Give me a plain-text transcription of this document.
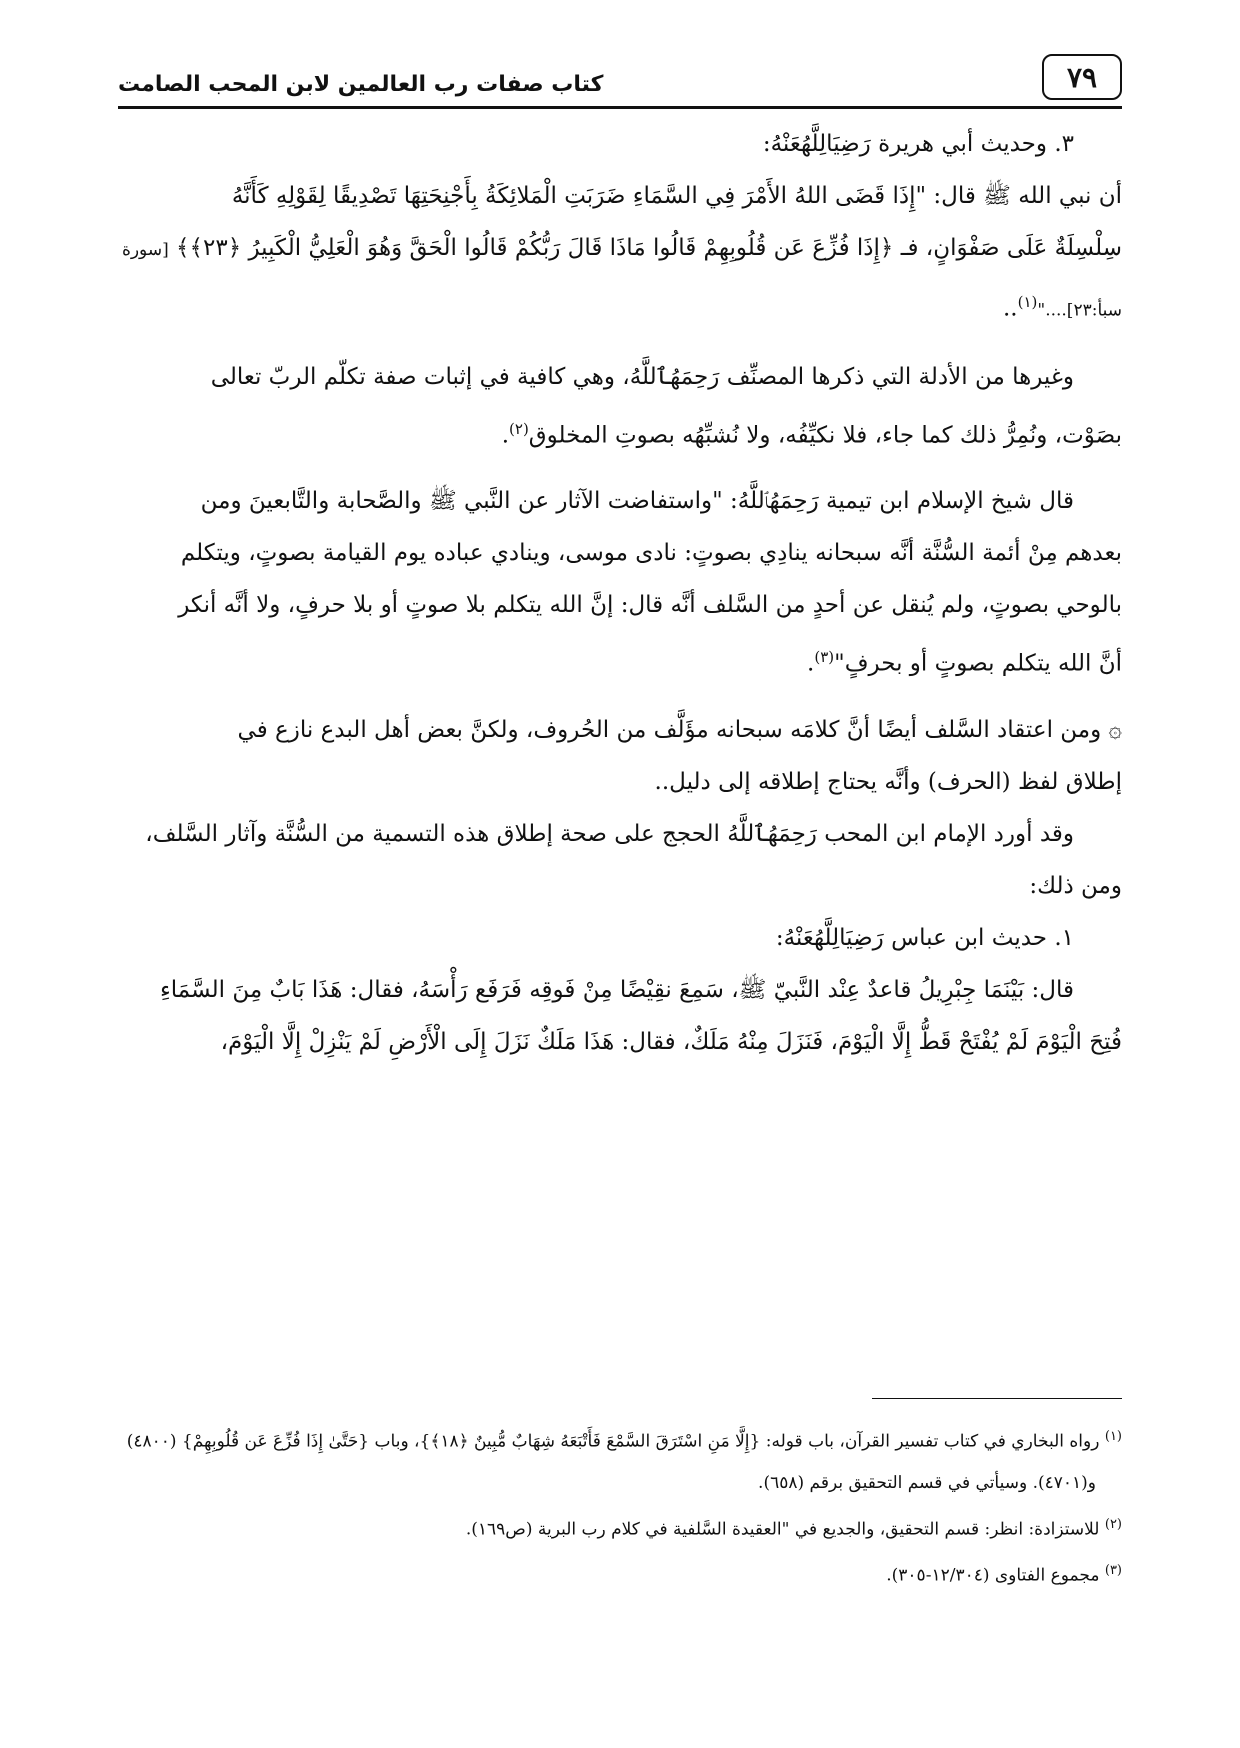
٧٩
كتاب صفات رب العالمين لابن المحب الصامت

٣. وحديث أبي هريرة رَضِيَالِلَّهُعَنْهُ:

أن نبي الله ﷺ قال: "إِذَا قَضَى اللهُ الأَمْرَ فِي السَّمَاءِ ضَرَبَتِ الْمَلائِكَةُ بِأَجْنِحَتِهَا تَصْدِيقًا لِقَوْلِهِ كَأَنَّهُ

سِلْسِلَةٌ عَلَى صَفْوَانٍ، فـ ﴿إِذَا فُزِّعَ عَن قُلُوبِهِمْ قَالُوا مَاذَا قَالَ رَبُّكُمْ قَالُوا الْحَقَّ وَهُوَ الْعَلِيُّ الْكَبِيرُ ﴿٢٣﴾﴾ [سورة

سبأ:٢٣]...."$^{(١)}$..

وغيرها من الأدلة التي ذكرها المصنِّف رَحِمَهُٱللَّهُ، وهي كافية في إثبات صفة تكلّم الربّ تعالى

بصَوْت، ونُمِرُّ ذلك كما جاء، فلا نكيِّفُه، ولا نُشبِّهُه بصوتِ المخلوق$^{(٢)}$.

قال شيخ الإسلام ابن تيمية رَحِمَهُٱللَّهُ: "واستفاضت الآثار عن النَّبي ﷺ والصَّحابة والتَّابعينَ ومن

بعدهم مِنْ أئمة السُّنَّة أنَّه سبحانه ينادِي بصوتٍ: نادى موسى، وينادي عباده يوم القيامة بصوتٍ، ويتكلم

بالوحي بصوتٍ، ولم يُنقل عن أحدٍ من السَّلف أنَّه قال: إنَّ الله يتكلم بلا صوتٍ أو بلا حرفٍ، ولا أنَّه أنكر

أنَّ الله يتكلم بصوتٍ أو بحرفٍ"$^{(٣)}$.

۞ ومن اعتقاد السَّلف أيضًا أنَّ كلامَه سبحانه مؤَلَّف من الحُروف، ولكنَّ بعض أهل البدع نازع في

إطلاق لفظ (الحرف) وأنَّه يحتاج إطلاقه إلى دليل..

وقد أورد الإمام ابن المحب رَحِمَهُٱللَّهُ الحجج على صحة إطلاق هذه التسمية من السُّنَّة وآثار السَّلف،

ومن ذلك:

١. حديث ابن عباس رَضِيَالِلَّهُعَنْهُ:

قال: بَيْنَمَا جِبْرِيلُ قاعدٌ عِنْد النَّبيّ ﷺ، سَمِعَ نقِيْضًا مِنْ فَوقِه فَرَفَع رَأْسَهُ، فقال: هَذَا بَابٌ مِنَ السَّمَاءِ

فُتِحَ الْيَوْمَ لَمْ يُفْتَحْ قَطُّ إِلَّا الْيَوْمَ، فَنَزَلَ مِنْهُ مَلَكٌ، فقال: هَذَا مَلَكٌ نَزَلَ إِلَى الْأَرْضِ لَمْ يَنْزِلْ إِلَّا الْيَوْمَ،

$^{(١)}$ رواه البخاري في كتاب تفسير القرآن، باب قوله: {إِلَّا مَنِ اسْتَرَقَ السَّمْعَ فَأَتْبَعَهُ شِهَابٌ مُّبِينٌ ﴿١٨﴾}، وباب {حَتَّىٰ إِذَا فُزِّعَ عَن قُلُوبِهِمْ} (٤٨٠٠)

و(٤٧٠١). وسيأتي في قسم التحقيق برقم (٦٥٨).

$^{(٢)}$ للاستزادة: انظر: قسم التحقيق، والجديع في "العقيدة السَّلفية في كلام رب البرية (ص١٦٩).

$^{(٣)}$ مجموع الفتاوى (١٢/٣٠٤-٣٠٥).
